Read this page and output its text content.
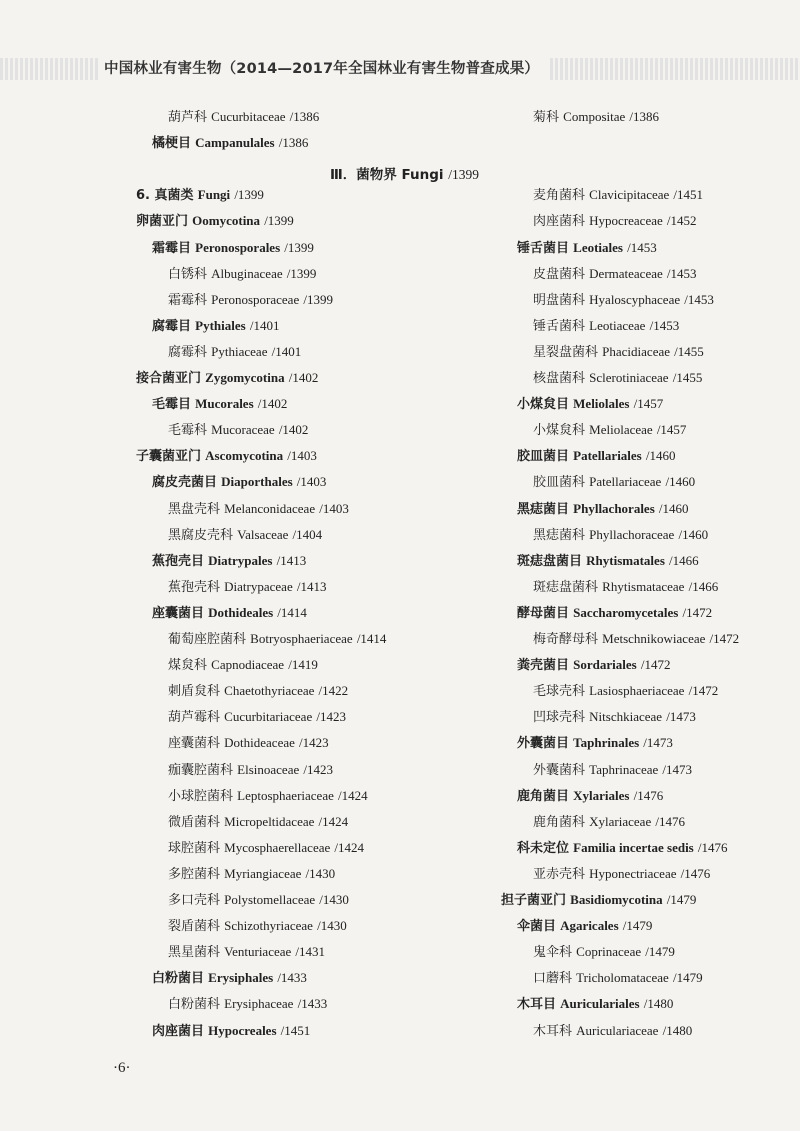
中国林业有害生物（2014—2017年全国林业有害生物普查成果）
Ⅲ．菌物界 Fungi /1399
葫芦科 Cucurbitaceae /1386
橘梗目 Campanulales /1386
6. 真菌类 Fungi /1399
卵菌亚门 Oomycotina /1399
霜霉目 Peronosporales /1399
白锈科 Albuginaceae /1399
霜霉科 Peronosporaceae /1399
腐霉目 Pythiales /1401
腐霉科 Pythiaceae /1401
接合菌亚门 Zygomycotina /1402
毛霉目 Mucorales /1402
毛霉科 Mucoraceae /1402
子囊菌亚门 Ascomycotina /1403
腐皮壳菌目 Diaporthales /1403
黑盘壳科 Melanconidaceae /1403
黑腐皮壳科 Valsaceae /1404
蕉孢壳目 Diatrypales /1413
蕉孢壳科 Diatrypaceae /1413
座囊菌目 Dothideales /1414
葡萄座腔菌科 Botryosphaeriaceae /1414
煤炱科 Capnodiaceae /1419
刺盾炱科 Chaetothyriaceae /1422
葫芦霉科 Cucurbitariaceae /1423
座囊菌科 Dothideaceae /1423
痂囊腔菌科 Elsinoaceae /1423
小球腔菌科 Leptosphaeriaceae /1424
微盾菌科 Micropeltidaceae /1424
球腔菌科 Mycosphaerellaceae /1424
多腔菌科 Myriangiaceae /1430
多口壳科 Polystomellaceae /1430
裂盾菌科 Schizothyriaceae /1430
黑星菌科 Venturiaceae /1431
白粉菌目 Erysiphales /1433
白粉菌科 Erysiphaceae /1433
肉座菌目 Hypocreales /1451
菊科 Compositae /1386
麦角菌科 Clavicipitaceae /1451
肉座菌科 Hypocreaceae /1452
锤舌菌目 Leotiales /1453
皮盘菌科 Dermateaceae /1453
明盘菌科 Hyaloscyphaceae /1453
锤舌菌科 Leotiaceae /1453
星裂盘菌科 Phacidiaceae /1455
核盘菌科 Sclerotiniaceae /1455
小煤炱目 Meliolales /1457
小煤炱科 Meliolaceae /1457
胶皿菌目 Patellariales /1460
胶皿菌科 Patellariaceae /1460
黑痣菌目 Phyllachorales /1460
黑痣菌科 Phyllachoraceae /1460
斑痣盘菌目 Rhytismatales /1466
斑痣盘菌科 Rhytismataceae /1466
酵母菌目 Saccharomycetales /1472
梅奇酵母科 Metschnikowiaceae /1472
粪壳菌目 Sordariales /1472
毛球壳科 Lasiosphaeriaceae /1472
凹球壳科 Nitschkiaceae /1473
外囊菌目 Taphrinales /1473
外囊菌科 Taphrinaceae /1473
鹿角菌目 Xylariales /1476
鹿角菌科 Xylariaceae /1476
科未定位 Familia incertae sedis /1476
亚赤壳科 Hyponectriaceae /1476
担子菌亚门 Basidiomycotina /1479
伞菌目 Agaricales /1479
鬼伞科 Coprinaceae /1479
口蘑科 Tricholomataceae /1479
木耳目 Auriculariales /1480
木耳科 Auriculariaceae /1480
·6·
